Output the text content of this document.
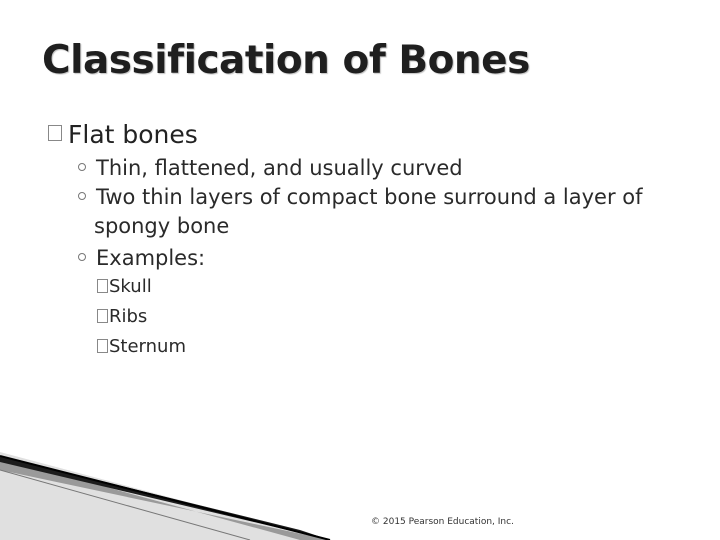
Classification of Bones
Flat bones
Thin, flattened, and usually curved
Two thin layers of compact bone surround a layer of
spongy bone
Examples:
Skull
Ribs
Sternum
© 2015 Pearson Education, Inc.
